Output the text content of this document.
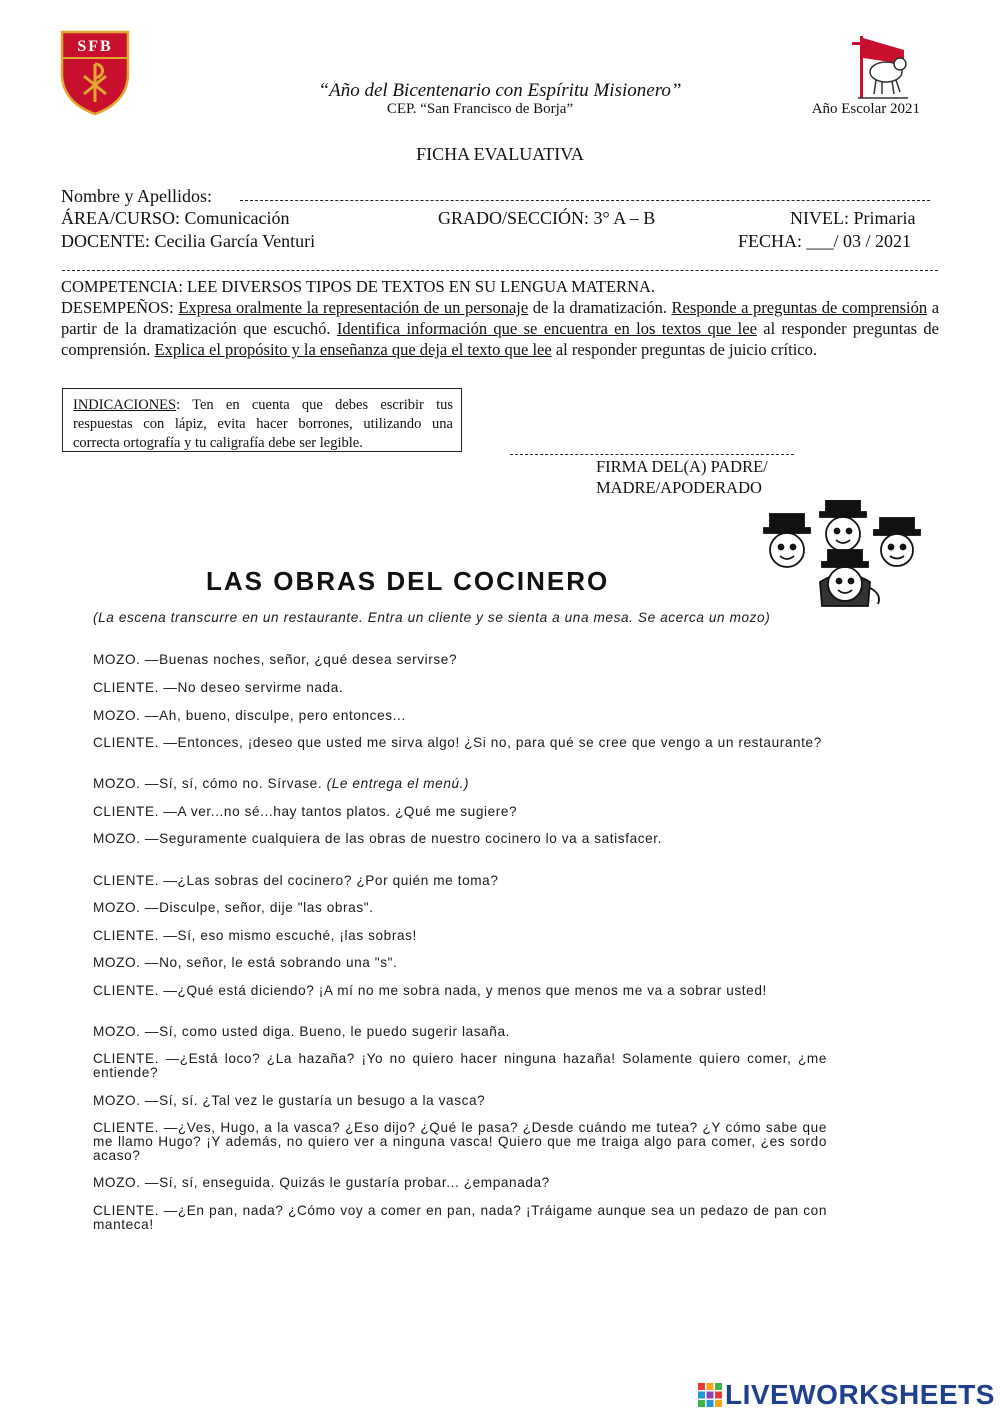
SFB
“Año del Bicentenario con Espíritu Misionero”
CEP. “San Francisco de Borja”	Año Escolar 2021
FICHA EVALUATIVA
Nombre y Apellidos:
ÁREA/CURSO: Comunicación	GRADO/SECCIÓN: 3° A – B	NIVEL: Primaria
DOCENTE: Cecilia García Venturi	FECHA: ___/ 03 / 2021
COMPETENCIA: LEE DIVERSOS TIPOS DE TEXTOS EN SU LENGUA MATERNA.
DESEMPEÑOS: Expresa oralmente la representación de un personaje de la dramatización. Responde a preguntas de comprensión a partir de la dramatización que escuchó. Identifica información que se encuentra en los textos que lee al responder preguntas de comprensión. Explica el propósito y la enseñanza que deja el texto que lee al responder preguntas de juicio crítico.
INDICACIONES: Ten en cuenta que debes escribir tus respuestas con lápiz, evita hacer borrones, utilizando una correcta ortografía y tu caligrafía debe ser legible.
FIRMA DEL(A) PADRE/
MADRE/APODERADO
LAS OBRAS DEL COCINERO
(La escena transcurre en un restaurante. Entra un cliente y se sienta a una mesa. Se acerca un mozo)
MOZO. —Buenas noches, señor, ¿qué desea servirse?
CLIENTE. —No deseo servirme nada.
MOZO. —Ah, bueno, disculpe, pero entonces...
CLIENTE. —Entonces, ¡deseo que usted me sirva algo! ¿Si no, para qué se cree que vengo a un restaurante?
MOZO. —Sí, sí, cómo no. Sírvase. (Le entrega el menú.)
CLIENTE. —A ver...no sé...hay tantos platos. ¿Qué me sugiere?
MOZO. —Seguramente cualquiera de las obras de nuestro cocinero lo va a satisfacer.
CLIENTE. —¿Las sobras del cocinero? ¿Por quién me toma?
MOZO. —Disculpe, señor, dije "las obras".
CLIENTE. —Sí, eso mismo escuché, ¡las sobras!
MOZO. —No, señor, le está sobrando una "s".
CLIENTE. —¿Qué está diciendo? ¡A mí no me sobra nada, y menos que menos me va a sobrar usted!
MOZO. —Sí, como usted diga. Bueno, le puedo sugerir lasaña.
CLIENTE. —¿Está loco? ¿La hazaña? ¡Yo no quiero hacer ninguna hazaña! Solamente quiero comer, ¿me entiende?
MOZO. —Sí, sí. ¿Tal vez le gustaría un besugo a la vasca?
CLIENTE. —¿Ves, Hugo, a la vasca? ¿Eso dijo? ¿Qué le pasa? ¿Desde cuándo me tutea? ¿Y cómo sabe que me llamo Hugo? ¡Y además, no quiero ver a ninguna vasca! Quiero que me traiga algo para comer, ¿es sordo acaso?
MOZO. —Sí, sí, enseguida. Quizás le gustaría probar... ¿empanada?
CLIENTE. —¿En pan, nada? ¿Cómo voy a comer en pan, nada? ¡Tráigame aunque sea un pedazo de pan con manteca!
LIVEWORKSHEETS
